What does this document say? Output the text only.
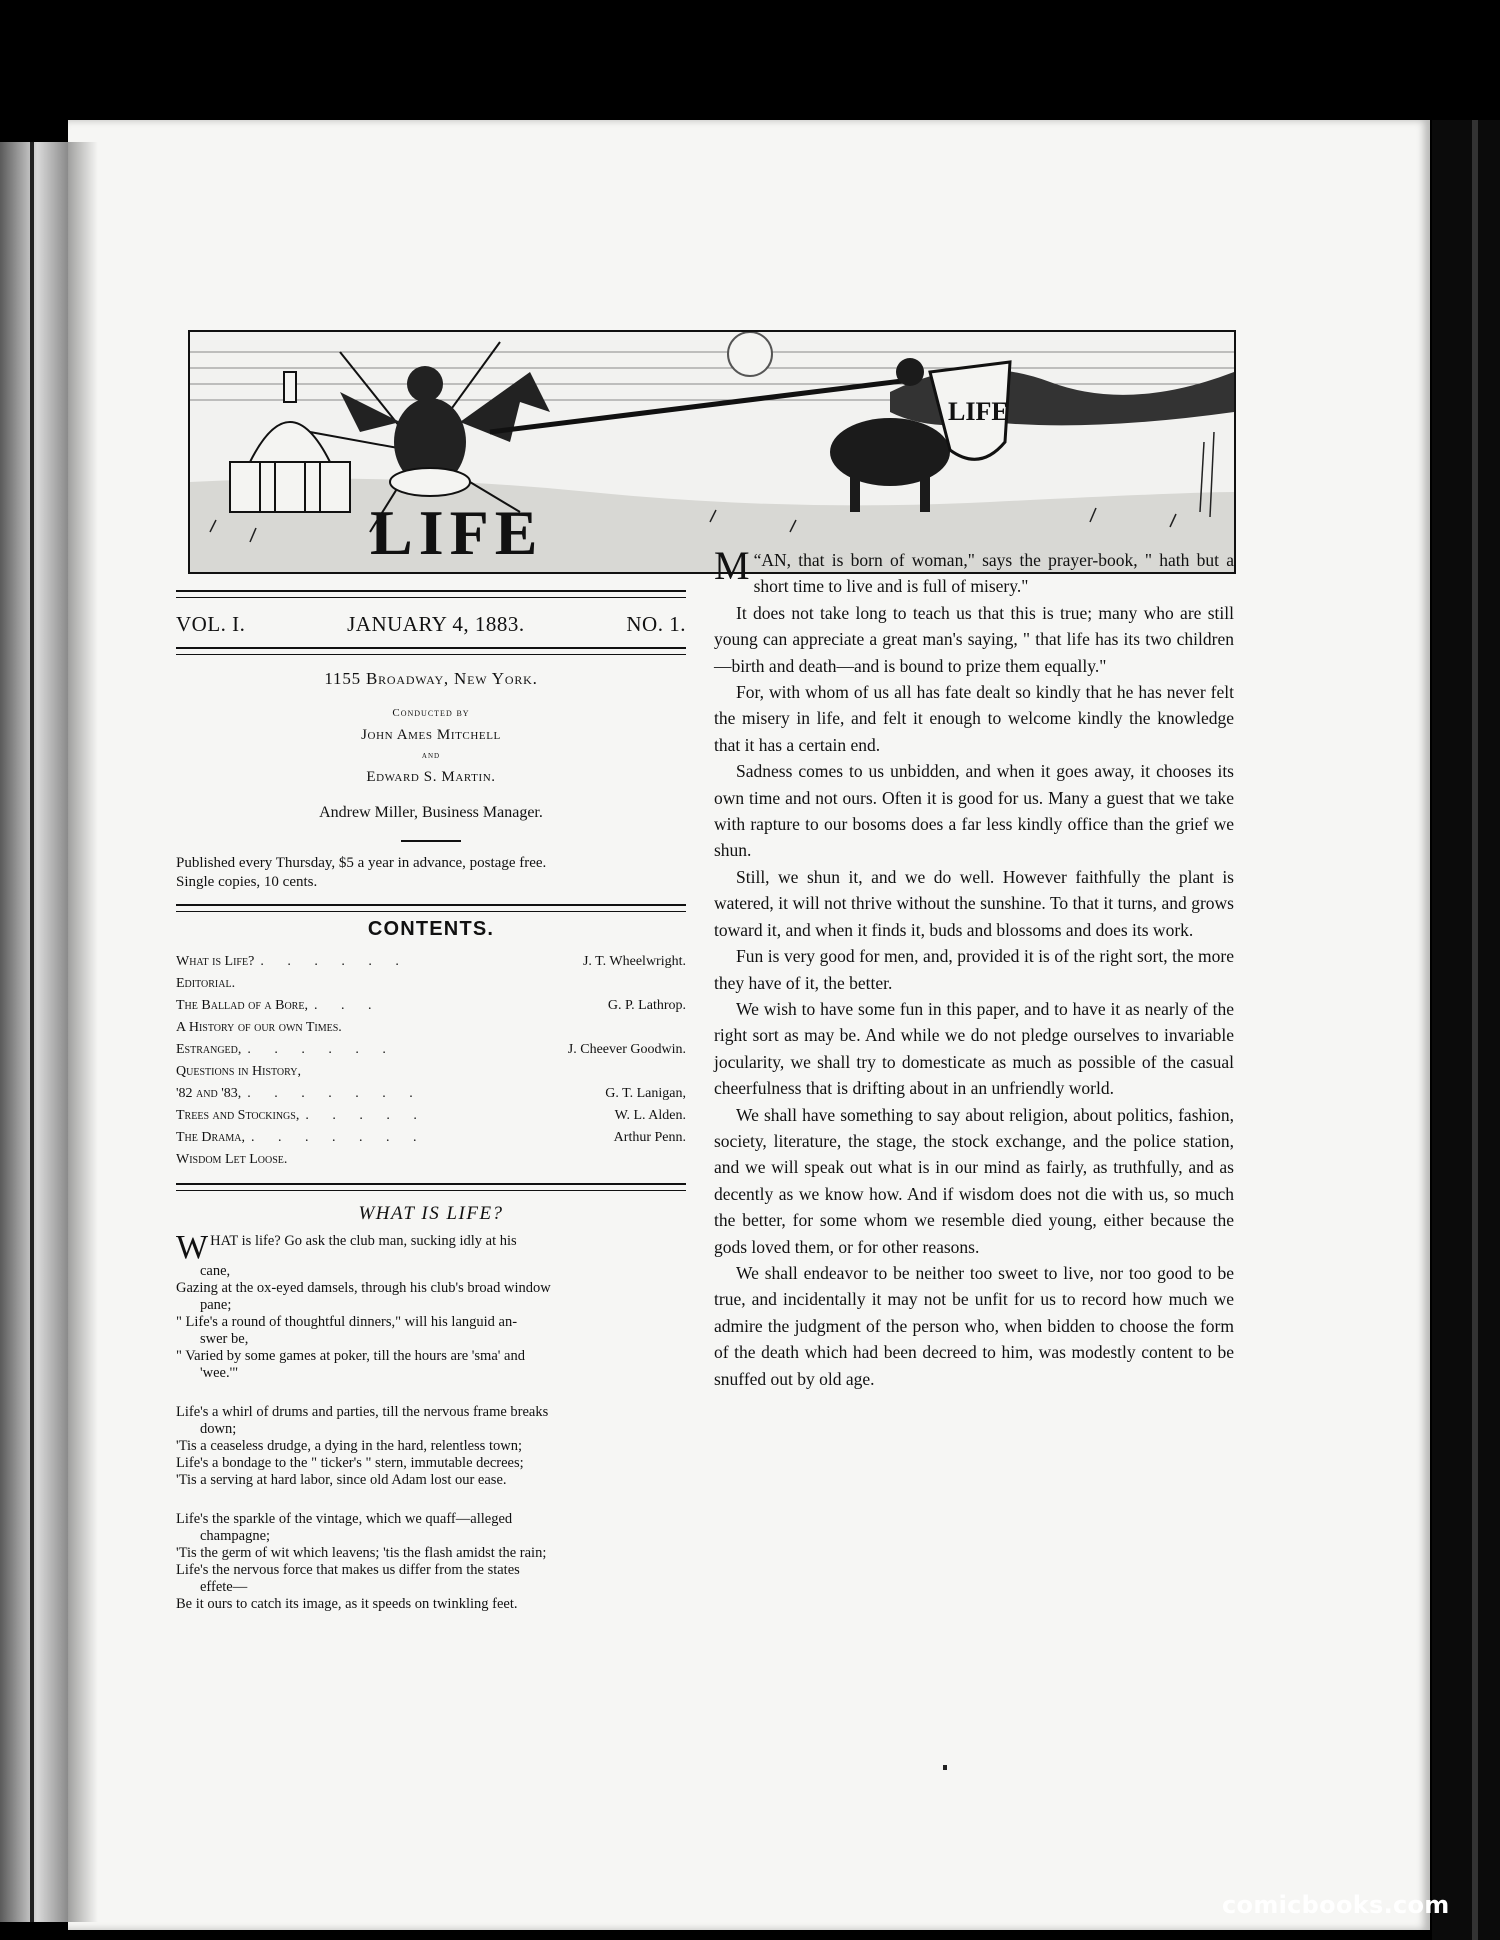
LIFE
LIFE
VOL. I.	JANUARY 4, 1883.	NO. 1.
1155 Broadway, New York.
Conducted by
John Ames Mitchell
and
Edward S. Martin.
Andrew Miller, Business Manager.
Published every Thursday, $5 a year in advance, postage free.
Single copies, 10 cents.
CONTENTS.
What is Life? . . . . . .	J. T. Wheelwright.
Editorial.
The Ballad of a Bore, . . .	G. P. Lathrop.
A History of our own Times.
Estranged, . . . . . .	J. Cheever Goodwin.
Questions in History,
'82 and '83, . . . . . . .	G. T. Lanigan,
Trees and Stockings, . . . . .	W. L. Alden.
The Drama, . . . . . . .	Arthur Penn.
Wisdom Let Loose.
WHAT IS LIFE?

WHAT is life? Go ask the club man, sucking idly at his

cane,

Gazing at the ox-eyed damsels, through his club's broad window

pane;

" Life's a round of thoughtful dinners," will his languid an-

swer be,

" Varied by some games at poker, till the hours are 'sma' and

'wee.'"

Life's a whirl of drums and parties, till the nervous frame breaks

down;

'Tis a ceaseless drudge, a dying in the hard, relentless town;

Life's a bondage to the " ticker's " stern, immutable decrees;

'Tis a serving at hard labor, since old Adam lost our ease.

Life's the sparkle of the vintage, which we quaff—alleged

champagne;

'Tis the germ of wit which leavens; 'tis the flash amidst the rain;

Life's the nervous force that makes us differ from the states

effete—

Be it ours to catch its image, as it speeds on twinkling feet.

“
M AN, that is born of woman," says the prayer-book, " hath but a short time to live and is full of misery."

It does not take long to teach us that this is true; many who are still young can appreciate a great man's saying, " that life has its two children—birth and death—and is bound to prize them equally."

For, with whom of us all has fate dealt so kindly that he has never felt the misery in life, and felt it enough to welcome kindly the knowledge that it has a certain end.

Sadness comes to us unbidden, and when it goes away, it chooses its own time and not ours. Often it is good for us. Many a guest that we take with rapture to our bosoms does a far less kindly office than the grief we shun.

Still, we shun it, and we do well. However faithfully the plant is watered, it will not thrive without the sunshine. To that it turns, and grows toward it, and when it finds it, buds and blossoms and does its work.

Fun is very good for men, and, provided it is of the right sort, the more they have of it, the better.

We wish to have some fun in this paper, and to have it as nearly of the right sort as may be. And while we do not pledge ourselves to invariable jocularity, we shall try to domesticate as much as possible of the casual cheerfulness that is drifting about in an unfriendly world.

We shall have something to say about religion, about politics, fashion, society, literature, the stage, the stock exchange, and the police station, and we will speak out what is in our mind as fairly, as truthfully, and as decently as we know how. And if wisdom does not die with us, so much the better, for some whom we resemble died young, either because the gods loved them, or for other reasons.

We shall endeavor to be neither too sweet to live, nor too good to be true, and incidentally it may not be unfit for us to record how much we admire the judgment of the person who, when bidden to choose the form of the death which had been decreed to him, was modestly content to be snuffed out by old age.

comicbooks.com
